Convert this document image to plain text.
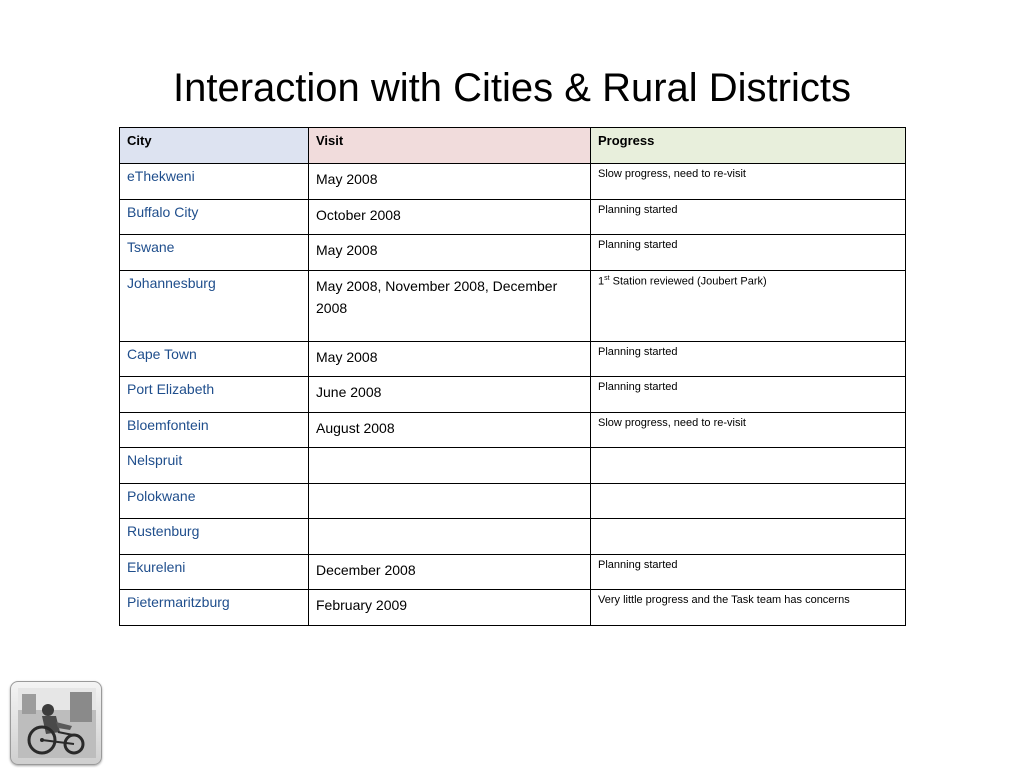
Interaction with Cities & Rural Districts
City	Visit	Progress
eThekweni	May 2008	Slow progress, need to re-visit
Buffalo City	October 2008	Planning started
Tswane	May 2008	Planning started
Johannesburg	May 2008, November 2008, December 2008	1st Station reviewed (Joubert Park)
Cape Town	May 2008	Planning started
Port Elizabeth	June 2008	Planning started
Bloemfontein	August 2008	Slow progress, need to re-visit
Nelspruit		
Polokwane		
Rustenburg		
Ekureleni	December 2008	Planning started
Pietermaritzburg	February 2009	Very little progress and the Task team has concerns
